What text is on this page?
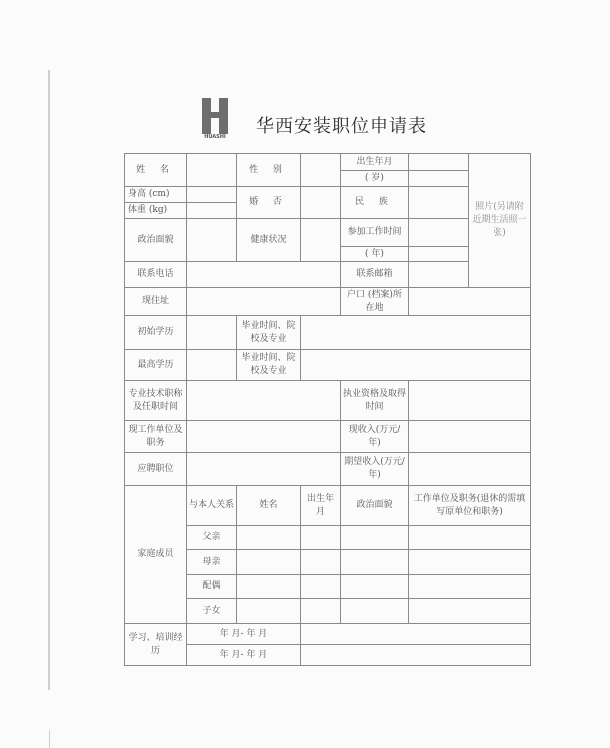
HUASHI	华西安装职位申请表
姓 名		性 别		出生年月		照片(另请附近期生活照一张)
				( 岁)		
身高 (cm)		婚 否		民 族		
体重 (kg)						
政治面貌		健康状况		参加工作时间		
				( 年)		
联系电话				联系邮箱		
现住址				户口 (档案)所在地		
初始学历		毕业时间、院校及专业				
最高学历		毕业时间、院校及专业				
专业技术职称及任职时间				执业资格及取得时间		
现工作单位及职务				现收入(万元/年)		
应聘职位				期望收入(万元/年)		
家庭成员	与本人关系	姓名	出生年月	政治面貌	工作单位及职务(退休的需填写原单位和职务)	
	父亲					
	母亲					
	配偶					
	子女					
学习、培训经 历	年 月- 年 月					
	年 月- 年 月					
